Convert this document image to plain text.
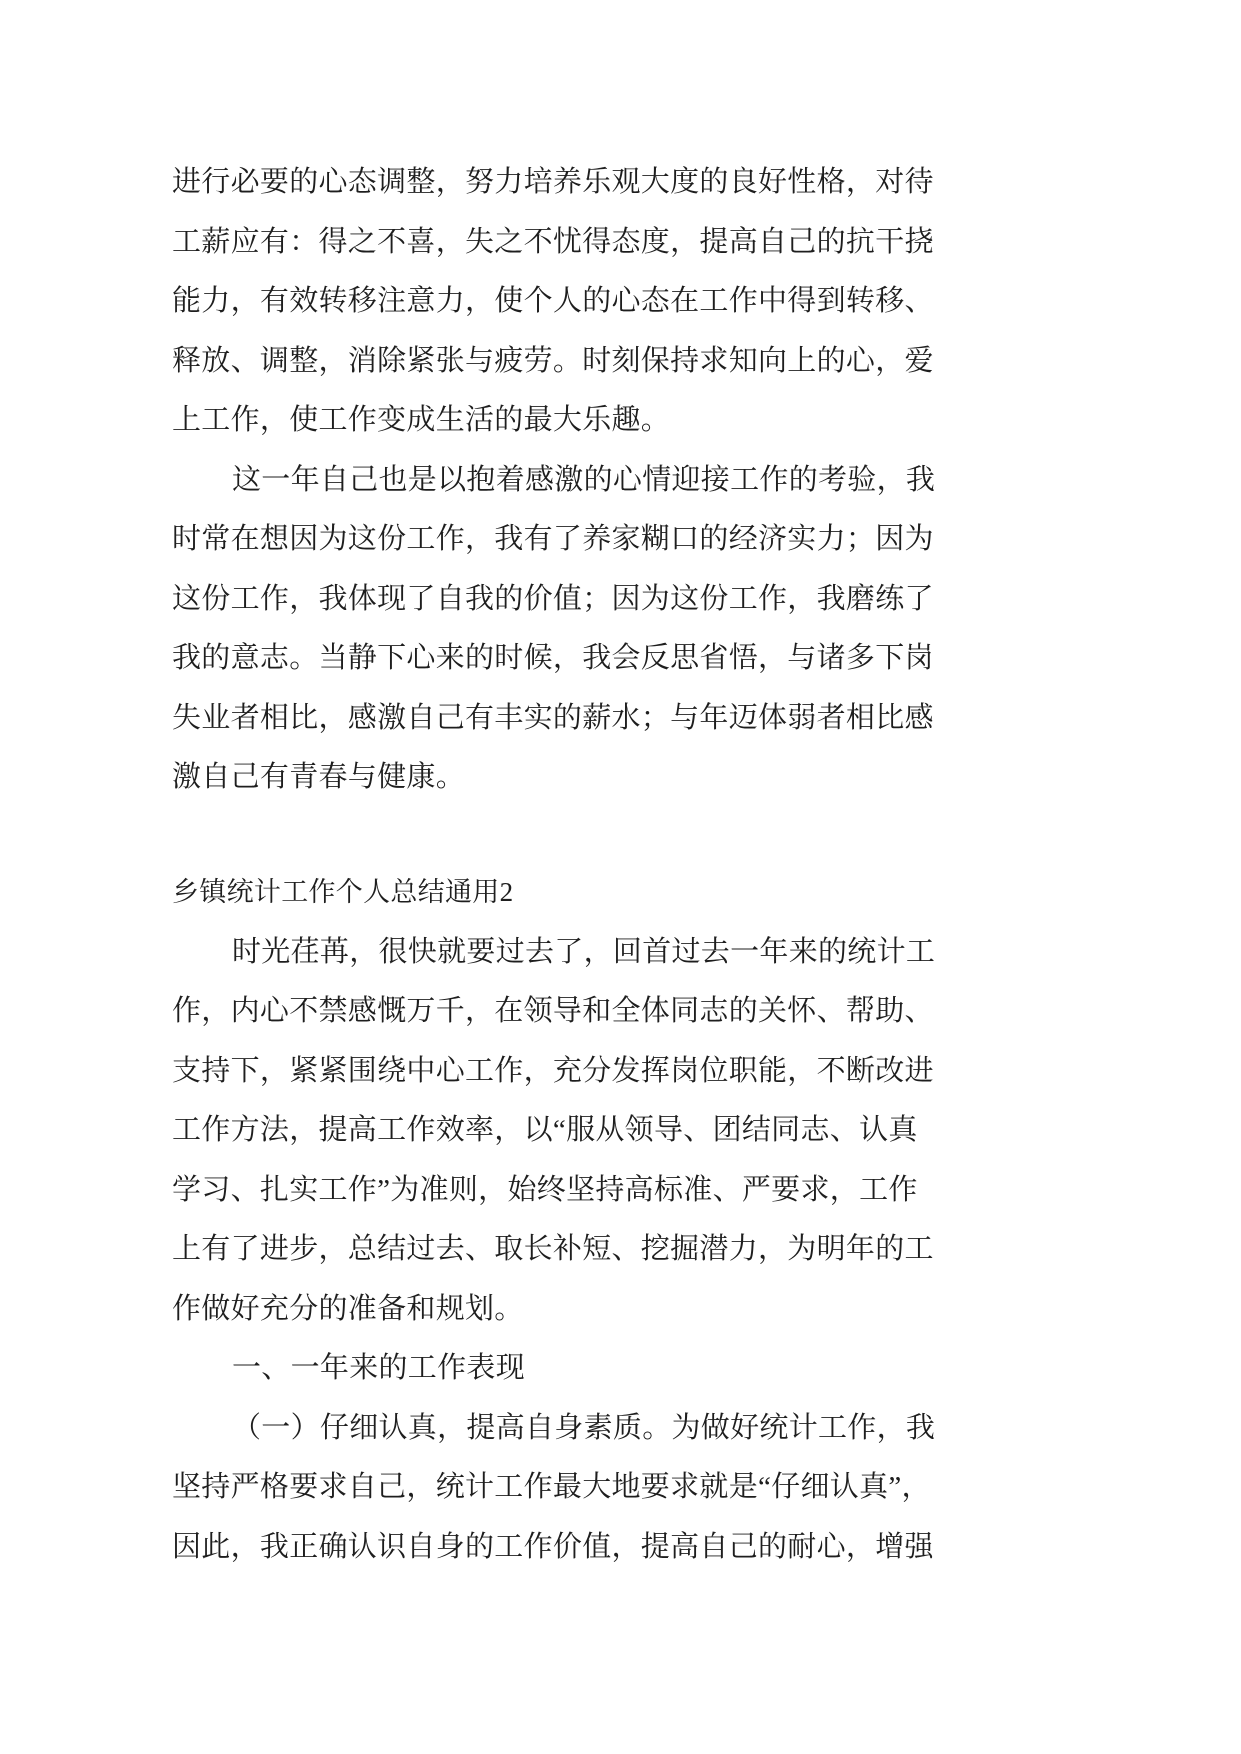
进行必要的心态调整，努力培养乐观大度的良好性格，对待
工薪应有：得之不喜，失之不忧得态度，提高自己的抗干挠
能力，有效转移注意力，使个人的心态在工作中得到转移、
释放、调整，消除紧张与疲劳。时刻保持求知向上的心，爱
上工作，使工作变成生活的最大乐趣。
这一年自己也是以抱着感激的心情迎接工作的考验，我
时常在想因为这份工作，我有了养家糊口的经济实力；因为
这份工作，我体现了自我的价值；因为这份工作，我磨练了
我的意志。当静下心来的时候，我会反思省悟，与诸多下岗
失业者相比，感激自己有丰实的薪水；与年迈体弱者相比感
激自己有青春与健康。
乡镇统计工作个人总结通用2
时光荏苒，很快就要过去了，回首过去一年来的统计工
作，内心不禁感慨万千，在领导和全体同志的关怀、帮助、
支持下，紧紧围绕中心工作，充分发挥岗位职能，不断改进
工作方法，提高工作效率，以“服从领导、团结同志、认真
学习、扎实工作”为准则，始终坚持高标准、严要求，工作
上有了进步，总结过去、取长补短、挖掘潜力，为明年的工
作做好充分的准备和规划。
一、一年来的工作表现
（一）仔细认真，提高自身素质。为做好统计工作，我
坚持严格要求自己，统计工作最大地要求就是“仔细认真”，
因此，我正确认识自身的工作价值，提高自己的耐心，增强
